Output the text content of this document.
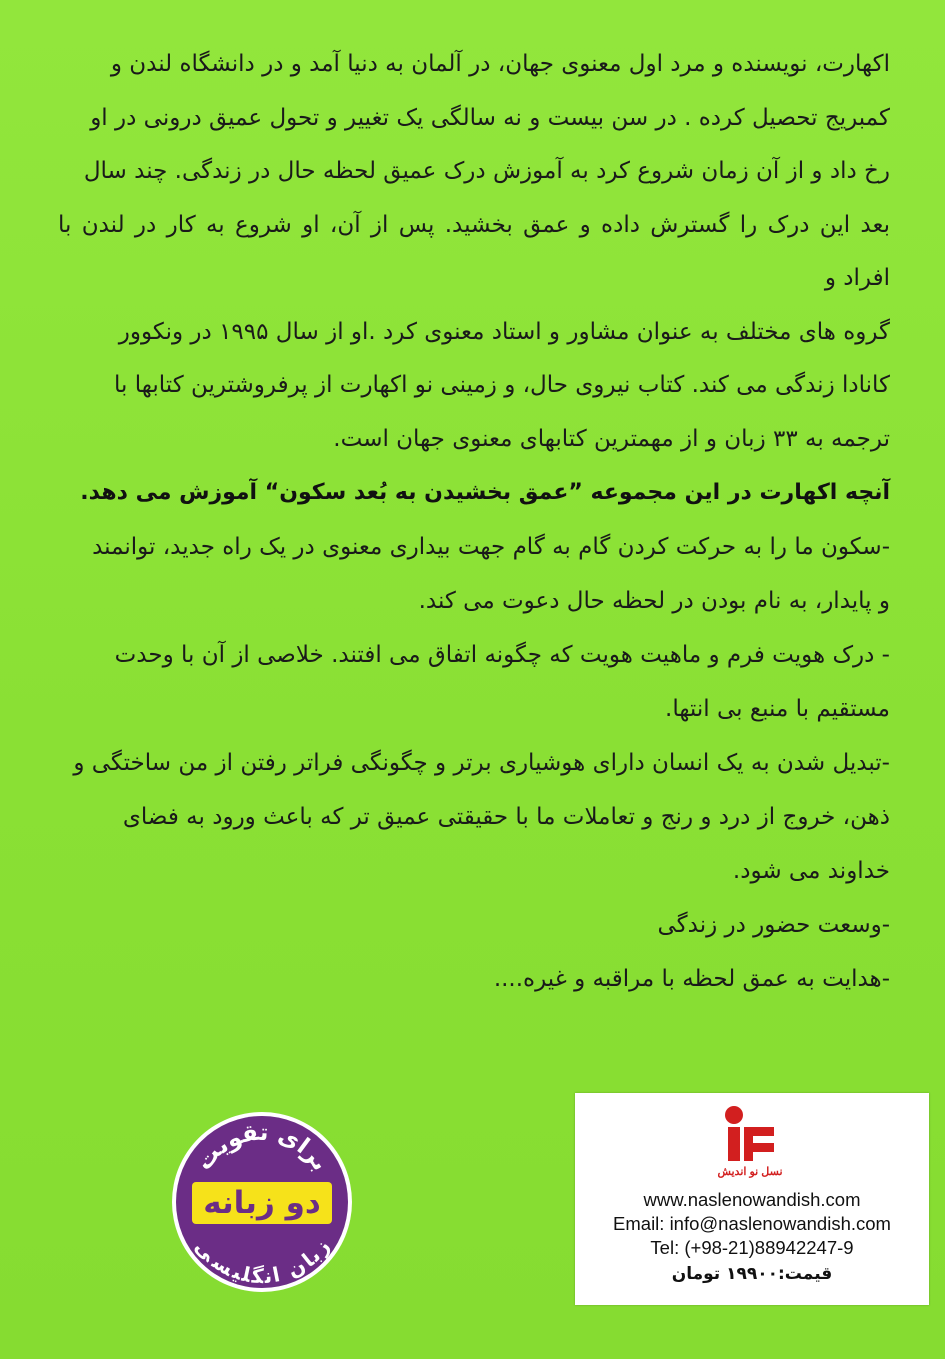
اکهارت، نویسنده و مرد اول معنوی جهان، در آلمان به دنیا آمد و در دانشگاه لندن و

کمبریج تحصیل کرده . در سن بیست و نه سالگی یک تغییر و تحول عمیق درونی در او

رخ داد و از آن زمان شروع کرد به آموزش درک عمیق لحظه حال در زندگی. چند سال

بعد این درک را گسترش داده و عمق بخشید. پس از آن، او شروع به کار در لندن با افراد و

گروه های مختلف به عنوان مشاور و استاد معنوی کرد .او از سال ۱۹۹۵ در ونکوور

کانادا زندگی می کند. کتاب نیروی حال، و زمینی نو اکهارت از پرفروشترین کتابها با

ترجمه به ۳۳ زبان و از مهمترین کتابهای معنوی جهان است.

آنچه اکهارت در این مجموعه ”عمق بخشیدن به بُعد سکون“ آموزش می دهد.

-سکون ما را به حرکت کردن گام به گام جهت بیداری معنوی در یک راه جدید، توانمند

و پایدار، به نام بودن در لحظه حال دعوت می کند.

- درک هویت فرم و ماهیت هویت که چگونه اتفاق می افتند. خلاصی از آن با وحدت

مستقیم با منبع بی انتها.

-تبدیل شدن به یک انسان دارای هوشیاری برتر و چگونگی فراتر رفتن از من ساختگی و

ذهن، خروج از درد و رنج و تعاملات ما با حقیقتی عمیق تر که باعث ورود به فضای

خداوند می شود.

-وسعت حضور در زندگی

-هدایت به عمق لحظه با مراقبه و غیره....

برای تقویت
دو زبانه
زبان انگلیسی
نسل نو اندیش
www.naslenowandish.com
Email: info@naslenowandish.com
Tel: (+98-21)88942247-9
قیمت:۱۹۹۰۰ تومان
